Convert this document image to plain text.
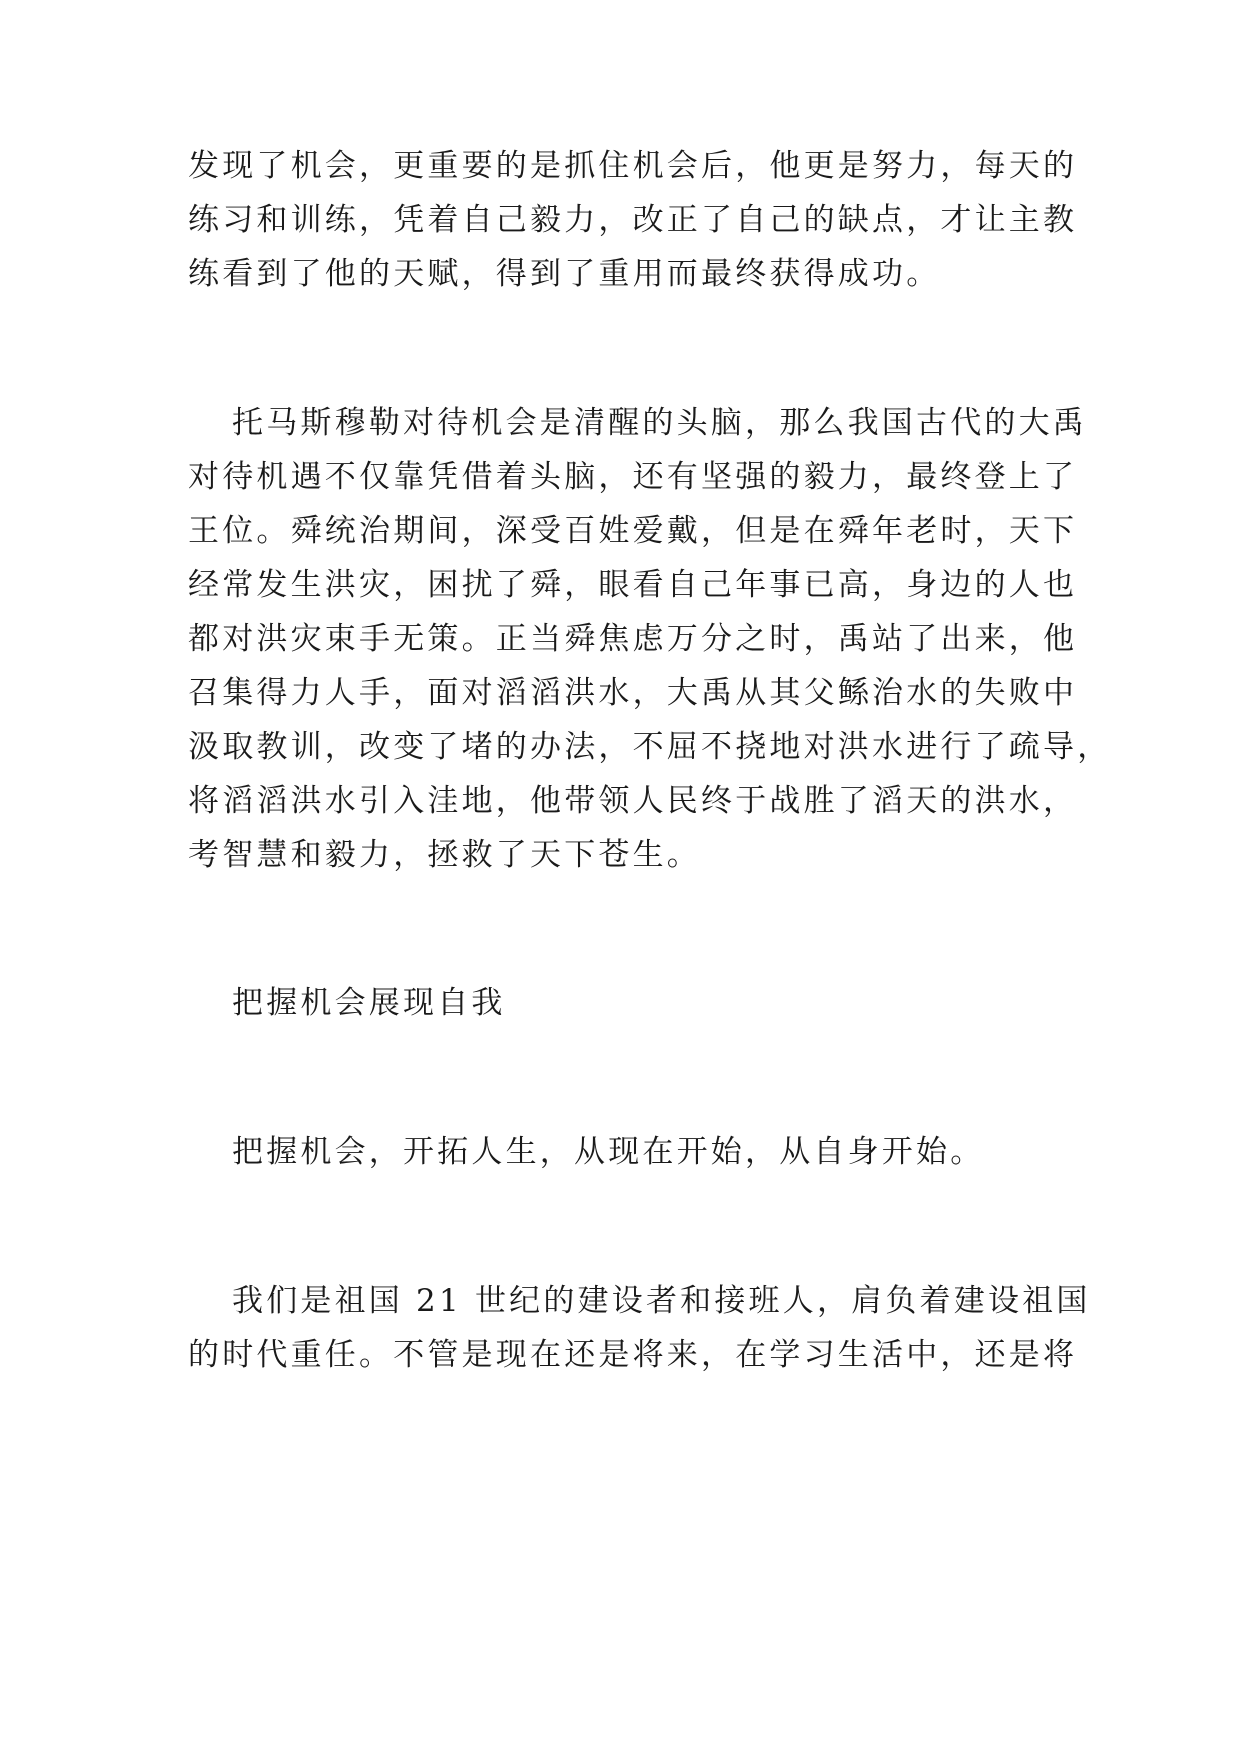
发现了机会，更重要的是抓住机会后，他更是努力，每天的
练习和训练，凭着自己毅力，改正了自己的缺点，才让主教
练看到了他的天赋，得到了重用而最终获得成功。
托马斯穆勒对待机会是清醒的头脑，那么我国古代的大禹
对待机遇不仅靠凭借着头脑，还有坚强的毅力，最终登上了
王位。舜统治期间，深受百姓爱戴，但是在舜年老时，天下
经常发生洪灾，困扰了舜，眼看自己年事已高，身边的人也
都对洪灾束手无策。正当舜焦虑万分之时，禹站了出来，他
召集得力人手，面对滔滔洪水，大禹从其父鲧治水的失败中
汲取教训，改变了堵的办法，不屈不挠地对洪水进行了疏导，
将滔滔洪水引入洼地，他带领人民终于战胜了滔天的洪水，
考智慧和毅力，拯救了天下苍生。
把握机会展现自我
把握机会，开拓人生，从现在开始，从自身开始。
我们是祖国 21 世纪的建设者和接班人，肩负着建设祖国
的时代重任。不管是现在还是将来，在学习生活中，还是将
